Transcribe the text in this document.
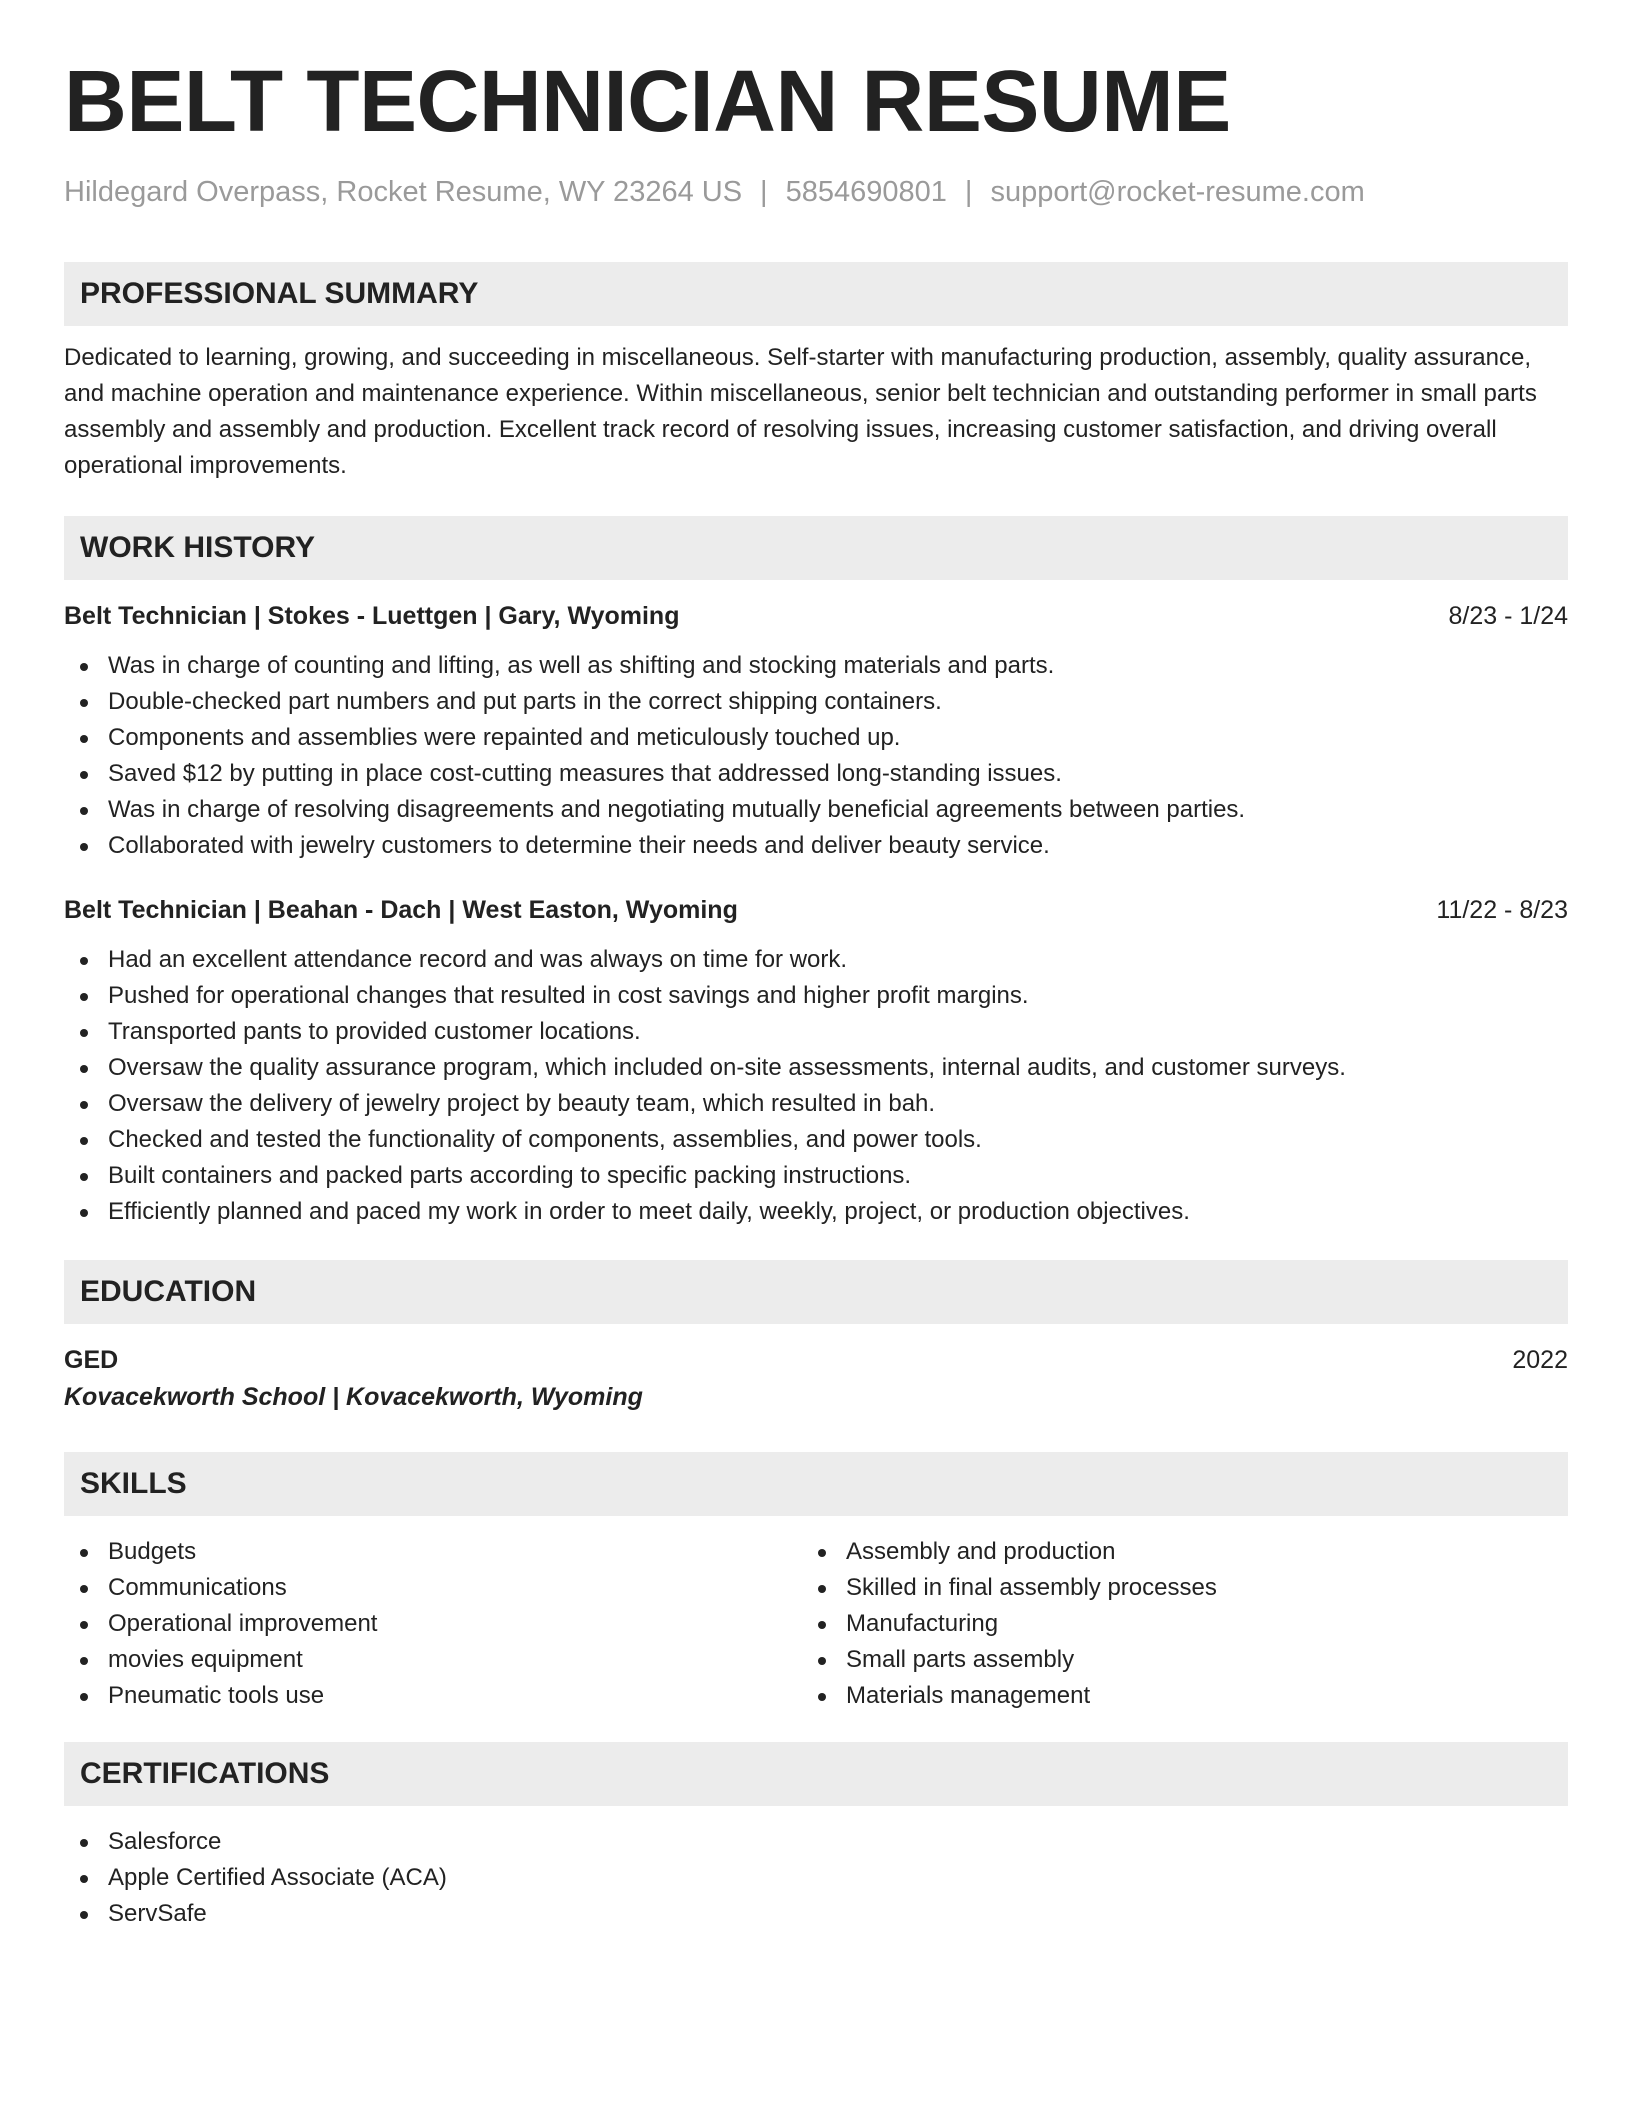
BELT TECHNICIAN RESUME
Hildegard Overpass, Rocket Resume, WY 23264 US | 5854690801 | support@rocket-resume.com
PROFESSIONAL SUMMARY
Dedicated to learning, growing, and succeeding in miscellaneous. Self-starter with manufacturing production, assembly, quality assurance, and machine operation and maintenance experience. Within miscellaneous, senior belt technician and outstanding performer in small parts assembly and assembly and production. Excellent track record of resolving issues, increasing customer satisfaction, and driving overall operational improvements.
WORK HISTORY
Belt Technician | Stokes - Luettgen | Gary, Wyoming	8/23 - 1/24
Was in charge of counting and lifting, as well as shifting and stocking materials and parts.
Double-checked part numbers and put parts in the correct shipping containers.
Components and assemblies were repainted and meticulously touched up.
Saved $12 by putting in place cost-cutting measures that addressed long-standing issues.
Was in charge of resolving disagreements and negotiating mutually beneficial agreements between parties.
Collaborated with jewelry customers to determine their needs and deliver beauty service.
Belt Technician | Beahan - Dach | West Easton, Wyoming	11/22 - 8/23
Had an excellent attendance record and was always on time for work.
Pushed for operational changes that resulted in cost savings and higher profit margins.
Transported pants to provided customer locations.
Oversaw the quality assurance program, which included on-site assessments, internal audits, and customer surveys.
Oversaw the delivery of jewelry project by beauty team, which resulted in bah.
Checked and tested the functionality of components, assemblies, and power tools.
Built containers and packed parts according to specific packing instructions.
Efficiently planned and paced my work in order to meet daily, weekly, project, or production objectives.
EDUCATION
GED	2022
Kovacekworth School | Kovacekworth, Wyoming
SKILLS
Budgets
Communications
Operational improvement
movies equipment
Pneumatic tools use
Assembly and production
Skilled in final assembly processes
Manufacturing
Small parts assembly
Materials management
CERTIFICATIONS
Salesforce
Apple Certified Associate (ACA)
ServSafe
